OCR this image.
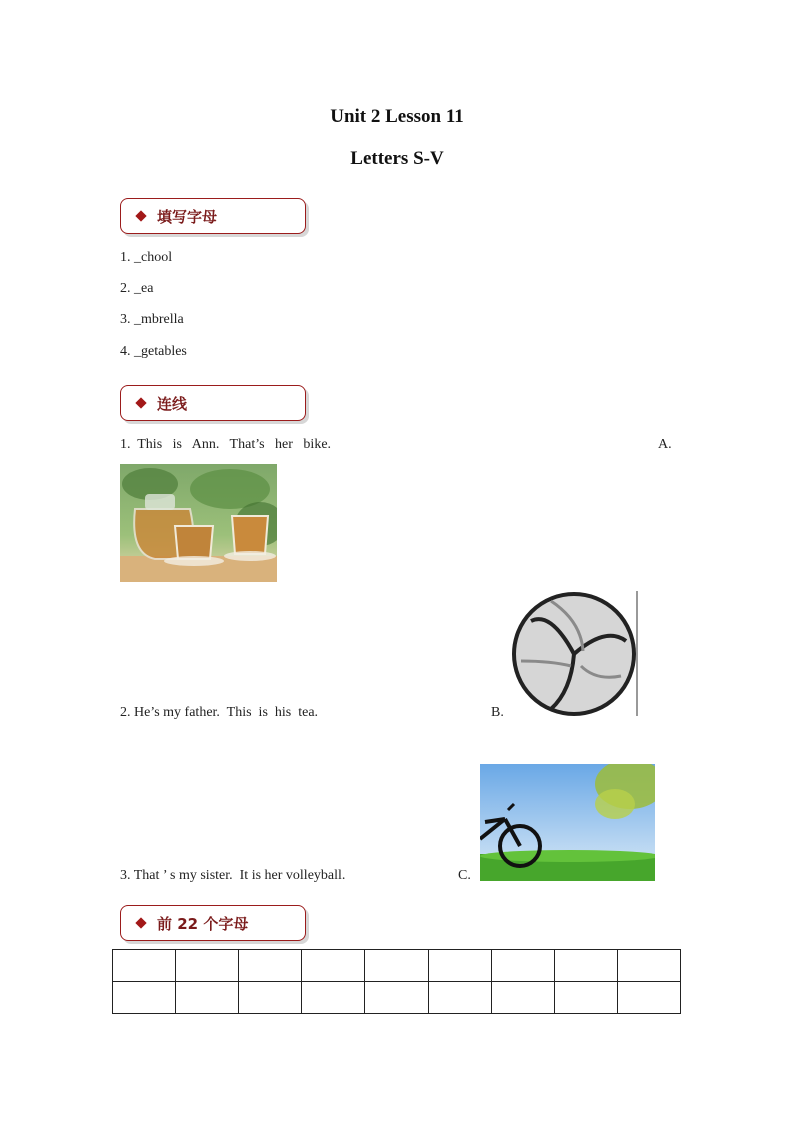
Unit 2 Lesson 11
Letters S-V
填写字母
1. _chool
2. _ea
3. _mbrella
4. _getables
连线
1.  This   is   Ann.   That’s   her   bike.	A.
2. He’s my father.  This  is  his  tea.	B.
3. That ’ s my sister.  It is her volleyball.	C.
前 22 个字母
